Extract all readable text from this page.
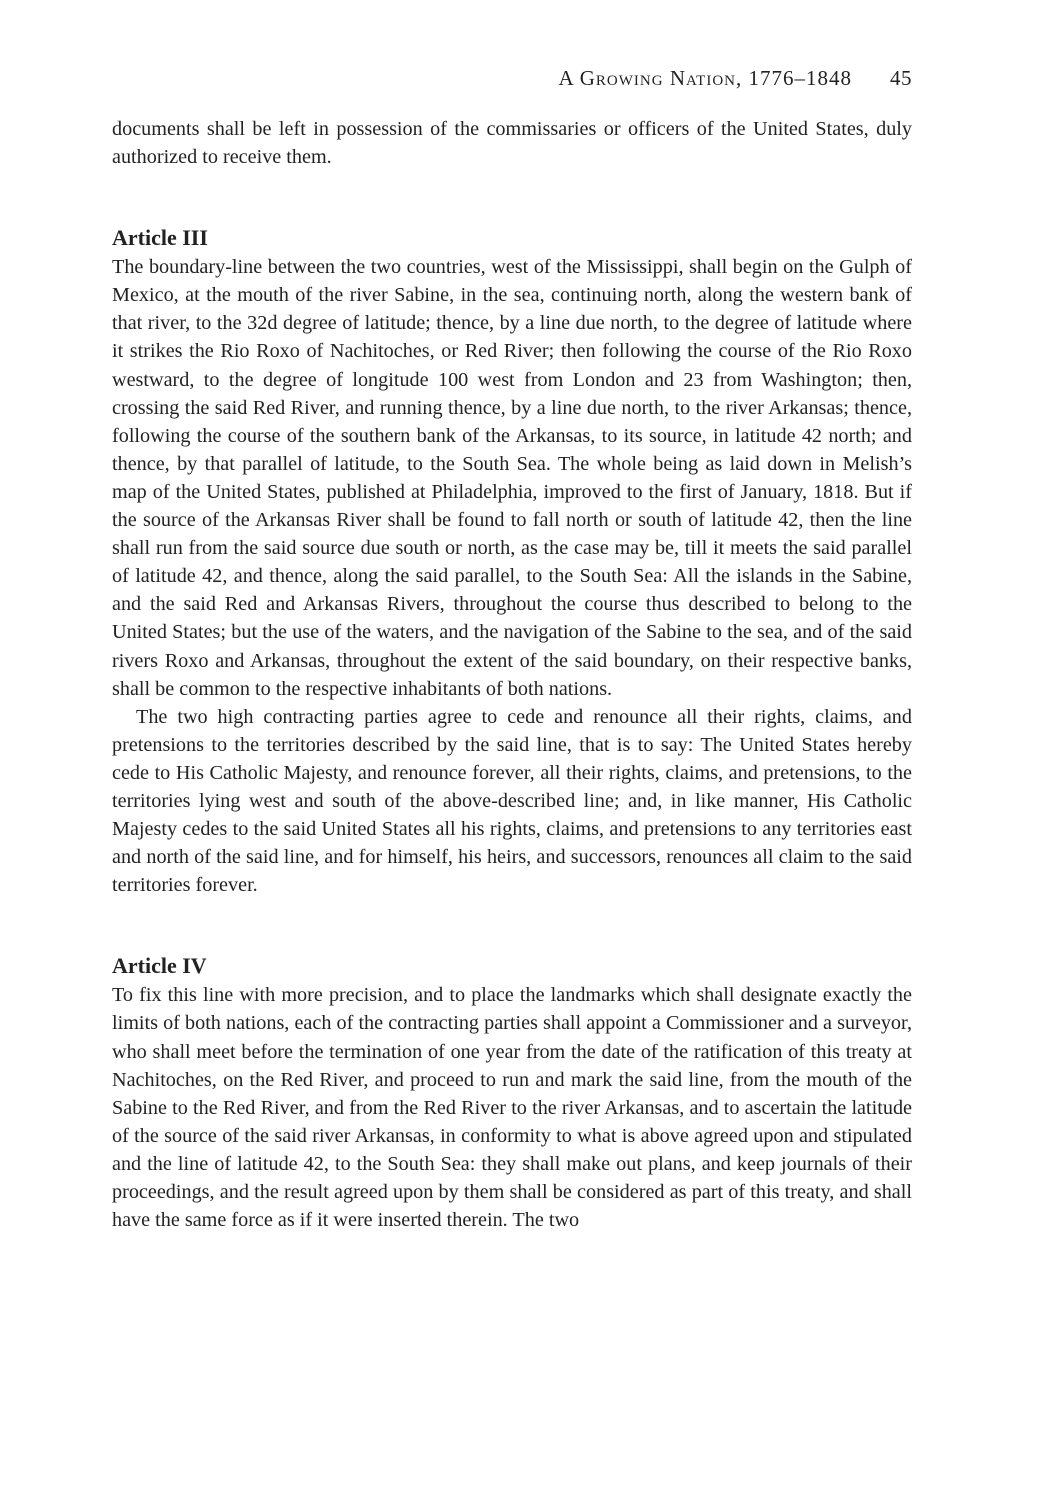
A Growing Nation, 1776–1848 45

documents shall be left in possession of the commissaries or officers of the United States, duly authorized to receive them.

Article III

The boundary-line between the two countries, west of the Mississippi, shall begin on the Gulph of Mexico, at the mouth of the river Sabine, in the sea, continuing north, along the western bank of that river, to the 32d degree of latitude; thence, by a line due north, to the degree of latitude where it strikes the Rio Roxo of Nachitoches, or Red River; then following the course of the Rio Roxo westward, to the degree of longitude 100 west from London and 23 from Washington; then, crossing the said Red River, and running thence, by a line due north, to the river Arkansas; thence, following the course of the southern bank of the Arkansas, to its source, in latitude 42 north; and thence, by that parallel of latitude, to the South Sea. The whole being as laid down in Melish’s map of the United States, published at Philadelphia, improved to the first of January, 1818. But if the source of the Arkansas River shall be found to fall north or south of latitude 42, then the line shall run from the said source due south or north, as the case may be, till it meets the said parallel of latitude 42, and thence, along the said parallel, to the South Sea: All the islands in the Sabine, and the said Red and Arkansas Rivers, throughout the course thus described to belong to the United States; but the use of the waters, and the navigation of the Sabine to the sea, and of the said rivers Roxo and Arkansas, throughout the extent of the said boundary, on their respective banks, shall be common to the respective inhabitants of both nations.

The two high contracting parties agree to cede and renounce all their rights, claims, and pretensions to the territories described by the said line, that is to say: The United States hereby cede to His Catholic Majesty, and renounce forever, all their rights, claims, and pretensions, to the territories lying west and south of the above-described line; and, in like manner, His Catholic Majesty cedes to the said United States all his rights, claims, and pretensions to any territories east and north of the said line, and for himself, his heirs, and successors, renounces all claim to the said territories forever.

Article IV

To fix this line with more precision, and to place the landmarks which shall designate exactly the limits of both nations, each of the contracting parties shall appoint a Commissioner and a surveyor, who shall meet before the termination of one year from the date of the ratification of this treaty at Nachitoches, on the Red River, and proceed to run and mark the said line, from the mouth of the Sabine to the Red River, and from the Red River to the river Arkansas, and to ascertain the latitude of the source of the said river Arkansas, in conformity to what is above agreed upon and stipulated and the line of latitude 42, to the South Sea: they shall make out plans, and keep journals of their proceedings, and the result agreed upon by them shall be considered as part of this treaty, and shall have the same force as if it were inserted therein. The two
